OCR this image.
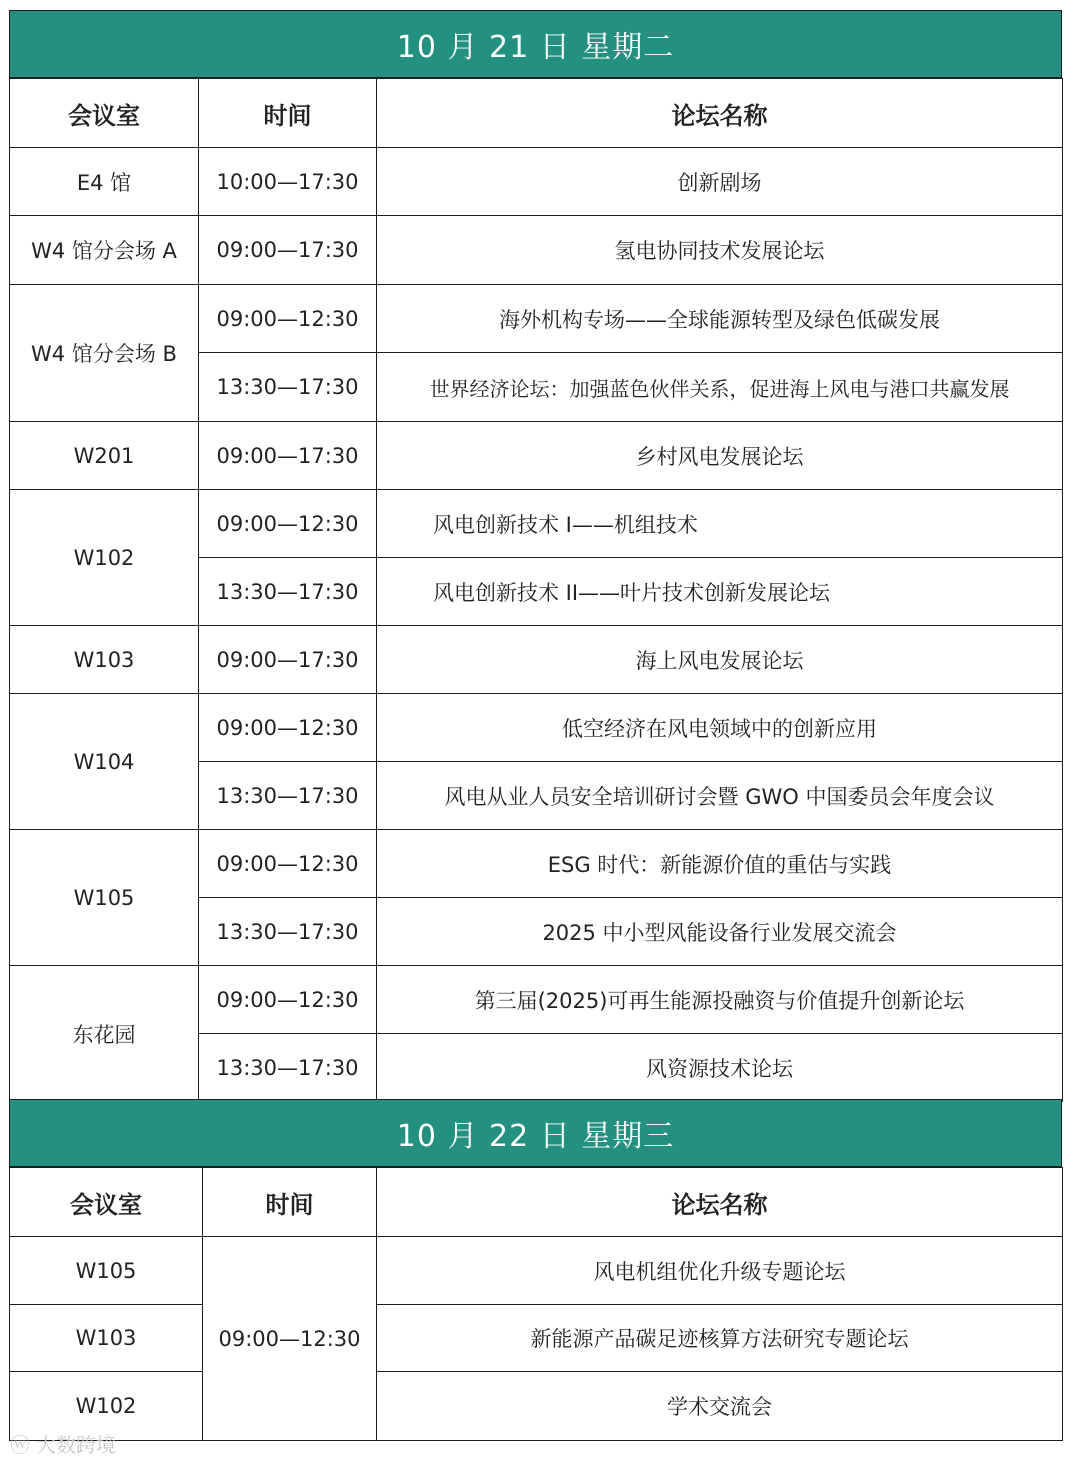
10 月 21 日 星期二
会议室	时间	论坛名称
E4 馆	10:00—17:30	创新剧场
W4 馆分会场 A	09:00—17:30	氢电协同技术发展论坛
W4 馆分会场 B	09:00—12:30	海外机构专场——全球能源转型及绿色低碳发展
	13:30—17:30	世界经济论坛：加强蓝色伙伴关系，促进海上风电与港口共赢发展
W201	09:00—17:30	乡村风电发展论坛
W102	09:00—12:30	风电创新技术 I——机组技术
	13:30—17:30	风电创新技术 II——叶片技术创新发展论坛
W103	09:00—17:30	海上风电发展论坛
W104	09:00—12:30	低空经济在风电领域中的创新应用
	13:30—17:30	风电从业人员安全培训研讨会暨 GWO 中国委员会年度会议
W105	09:00—12:30	ESG 时代：新能源价值的重估与实践
	13:30—17:30	2025 中小型风能设备行业发展交流会
东花园	09:00—12:30	第三届(2025)可再生能源投融资与价值提升创新论坛
	13:30—17:30	风资源技术论坛
10 月 22 日 星期三
会议室	时间	论坛名称
W105	09:00—12:30	风电机组优化升级专题论坛
W103		新能源产品碳足迹核算方法研究专题论坛
W102		学术交流会
ⓦ 大数跨境
